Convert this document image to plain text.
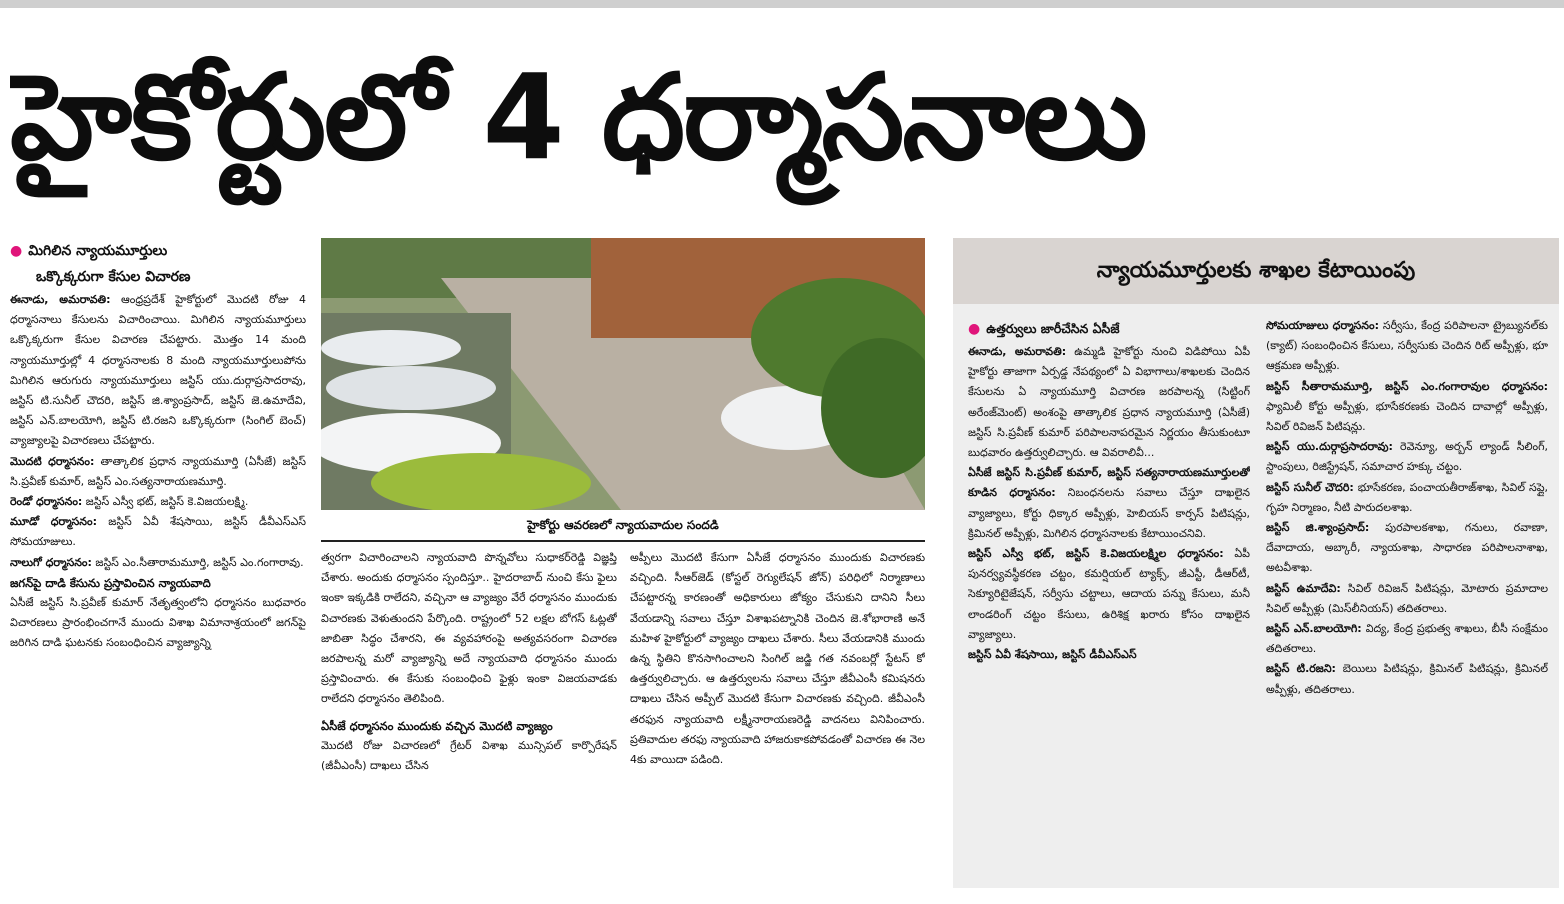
హైకోర్టులో 4 ధర్మాసనాలు
● మిగిలిన న్యాయమూర్తులు
ఒక్కొక్కరుగా కేసుల విచారణ

ఈనాడు, అమరావతి: ఆంధ్రప్రదేశ్ హైకోర్టులో మొదటి రోజు 4 ధర్మాసనాలు కేసులను విచారించాయి. మిగిలిన న్యాయమూర్తులు ఒక్కొక్కరుగా కేసుల విచారణ చేపట్టారు. మొత్తం 14 మంది న్యాయమూర్తుల్లో 4 ధర్మాసనాలకు 8 మంది న్యాయమూర్తులుపోను మిగిలిన ఆరుగురు న్యాయమూర్తులు జస్టిస్ యు.దుర్గాప్రసాదరావు, జస్టిస్ టి.సునీల్ చౌదరి, జస్టిస్ జి.శ్యాంప్రసాద్, జస్టిస్ జె.ఉమాదేవి, జస్టిస్ ఎన్.బాలయోగి, జస్టిస్ టి.రజని ఒక్కొక్కరుగా (సింగిల్ బెంచ్) వ్యాజ్యాలపై విచారణలు చేపట్టారు.

మొదటి ధర్మాసనం: తాత్కాలిక ప్రధాన న్యాయమూర్తి (ఏసీజే) జస్టిస్ సి.ప్రవీణ్ కుమార్, జస్టిస్ ఎం.సత్యనారాయణమూర్తి.

రెండో ధర్మాసనం: జస్టిస్ ఎస్వీ భట్, జస్టిస్ కె.విజయలక్ష్మి.

మూడో ధర్మాసనం: జస్టిస్ ఏవీ శేషసాయి, జస్టిస్ డీవీఎస్ఎస్ సోమయాజులు.

నాలుగో ధర్మాసనం: జస్టిస్ ఎం.సీతారామమూర్తి, జస్టిస్ ఎం.గంగారావు.

జగన్‌పై దాడి కేసును ప్రస్తావించిన న్యాయవాది

ఏసీజే జస్టిస్ సి.ప్రవీణ్ కుమార్ నేతృత్వంలోని ధర్మాసనం బుధవారం విచారణలు ప్రారంభించగానే ముందు విశాఖ విమానాశ్రయంలో జగన్‌పై జరిగిన దాడి ఘటనకు సంబంధించిన వ్యాజ్యాన్ని

హైకోర్టు ఆవరణలో న్యాయవాదుల సందడి

త్వరగా విచారించాలని న్యాయవాది పొన్నవోలు సుధాకర్‌రెడ్డి విజ్ఞప్తి చేశారు. అందుకు ధర్మాసనం స్పందిస్తూ.. హైదరాబాద్ నుంచి కేసు ఫైలు ఇంకా ఇక్కడికి రాలేదని, వచ్చినా ఆ వ్యాజ్యం వేరే ధర్మాసనం ముందుకు విచారణకు వెళుతుందని పేర్కొంది. రాష్ట్రంలో 52 లక్షల బోగస్ ఓట్లతో జాబితా సిద్ధం చేశారని, ఈ వ్యవహారంపై అత్యవసరంగా విచారణ జరపాలన్న మరో వ్యాజ్యాన్ని అదే న్యాయవాది ధర్మాసనం ముందు ప్రస్తావించారు. ఈ కేసుకు సంబంధించి ఫైళ్లు ఇంకా విజయవాడకు రాలేదని ధర్మాసనం తెలిపింది.

ఏసీజే ధర్మాసనం ముందుకు వచ్చిన మొదటి వ్యాజ్యం

మొదటి రోజు విచారణలో గ్రేటర్ విశాఖ మున్సిపల్ కార్పొరేషన్ (జీవీఎంసీ) దాఖలు చేసిన

అప్పీలు మొదటి కేసుగా ఏసీజే ధర్మాసనం ముందుకు విచారణకు వచ్చింది. సీఆర్‌జెడ్ (కోస్టల్ రెగ్యులేషన్ జోన్) పరిధిలో నిర్మాణాలు చేపట్టారన్న కారణంతో అధికారులు జోక్యం చేసుకుని దానిని సీలు వేయడాన్ని సవాలు చేస్తూ విశాఖపట్నానికి చెందిన జె.శోభారాణి అనే మహిళ హైకోర్టులో వ్యాజ్యం దాఖలు చేశారు. సీలు వేయడానికి ముందు ఉన్న స్థితిని కొనసాగించాలని సింగిల్ జడ్జి గత నవంబర్లో స్టేటస్ కో ఉత్తర్వులిచ్చారు. ఆ ఉత్తర్వులను సవాలు చేస్తూ జీవీఎంసీ కమిషనరు దాఖలు చేసిన అప్పీల్ మొదటి కేసుగా విచారణకు వచ్చింది. జీవీఎంసీ తరఫున న్యాయవాది లక్ష్మీనారాయణరెడ్డి వాదనలు వినిపించారు. ప్రతివాదుల తరఫు న్యాయవాది హాజరుకాకపోవడంతో విచారణ ఈ నెల 4కు వాయిదా పడింది.

న్యాయమూర్తులకు శాఖల కేటాయింపు
● ఉత్తర్వులు జారీచేసిన ఏసీజే

ఈనాడు, అమరావతి: ఉమ్మడి హైకోర్టు నుంచి విడిపోయి ఏపీ హైకోర్టు తాజాగా ఏర్పడ్డ నేపథ్యంలో ఏ విభాగాలు/శాఖలకు చెందిన కేసులను ఏ న్యాయమూర్తి విచారణ జరపాలన్న (సిట్టింగ్ అరేంజ్‌మెంట్) అంశంపై తాత్కాలిక ప్రధాన న్యాయమూర్తి (ఏసీజే) జస్టిస్ సి.ప్రవీణ్ కుమార్ పరిపాలనాపరమైన నిర్ణయం తీసుకుంటూ బుధవారం ఉత్తర్వులిచ్చారు. ఆ వివరాలివీ...

ఏసీజే జస్టిస్ సి.ప్రవీణ్ కుమార్, జస్టిస్ సత్యనారాయణమూర్తులతో కూడిన ధర్మాసనం: నిబంధనలను సవాలు చేస్తూ దాఖలైన వ్యాజ్యాలు, కోర్టు ధిక్కార అప్పీళ్లు, హెబియస్ కార్పస్ పిటిషన్లు, క్రిమినల్ అప్పీళ్లు, మిగిలిన ధర్మాసనాలకు కేటాయించనివి.

జస్టిస్ ఎస్వీ భట్, జస్టిస్ కె.విజయలక్ష్మిల ధర్మాసనం: ఏపీ పునర్వ్యవస్థీకరణ చట్టం, కమర్షియల్ ట్యాక్స్, జీఎస్టీ, డీఆర్‌టీ, సెక్యూరిటైజేషన్, సర్వీసు చట్టాలు, ఆదాయ పన్ను కేసులు, మనీ లాండరింగ్ చట్టం కేసులు, ఉరిశిక్ష ఖరారు కోసం దాఖలైన వ్యాజ్యాలు.

జస్టిస్ ఏవీ శేషసాయి, జస్టిస్ డీవీఎస్ఎస్

సోమయాజులు ధర్మాసనం: సర్వీసు, కేంద్ర పరిపాలనా ట్రైబ్యునల్‌కు (క్యాట్) సంబంధించిన కేసులు, సర్వీసుకు చెందిన రిట్ అప్పీళ్లు, భూ ఆక్రమణ అప్పీళ్లు.

జస్టిస్ సీతారామమూర్తి, జస్టిస్ ఎం.గంగారావుల ధర్మాసనం: ఫ్యామిలీ కోర్టు అప్పీళ్లు, భూసేకరణకు చెందిన దావాల్లో అప్పీళ్లు, సివిల్ రివిజన్ పిటిషన్లు.

జస్టిస్ యు.దుర్గాప్రసాదరావు: రెవెన్యూ, అర్బన్ ల్యాండ్ సీలింగ్, స్టాంపులు, రిజిస్ట్రేషన్, సమాచార హక్కు చట్టం.

జస్టిస్ సునీల్ చౌదరి: భూసేకరణ, పంచాయతీరాజ్‌శాఖ, సివిల్ సప్లై, గృహ నిర్మాణం, నీటి పారుదలశాఖ.

జస్టిస్ జి.శ్యాంప్రసాద్: పురపాలకశాఖ, గనులు, రవాణా, దేవాదాయ, అబ్కారీ, న్యాయశాఖ, సాధారణ పరిపాలనాశాఖ, అటవీశాఖ.

జస్టిస్ ఉమాదేవి: సివిల్ రివిజన్ పిటిషన్లు, మోటారు ప్రమాదాల సివిల్ అప్పీళ్లు (మిస్‌లీనియస్) తదితరాలు.

జస్టిస్ ఎన్.బాలయోగి: విద్య, కేంద్ర ప్రభుత్వ శాఖలు, బీసీ సంక్షేమం తదితరాలు.

జస్టిస్ టి.రజని: బెయిలు పిటిషన్లు, క్రిమినల్ పిటిషన్లు, క్రిమినల్ అప్పీళ్లు, తదితరాలు.
